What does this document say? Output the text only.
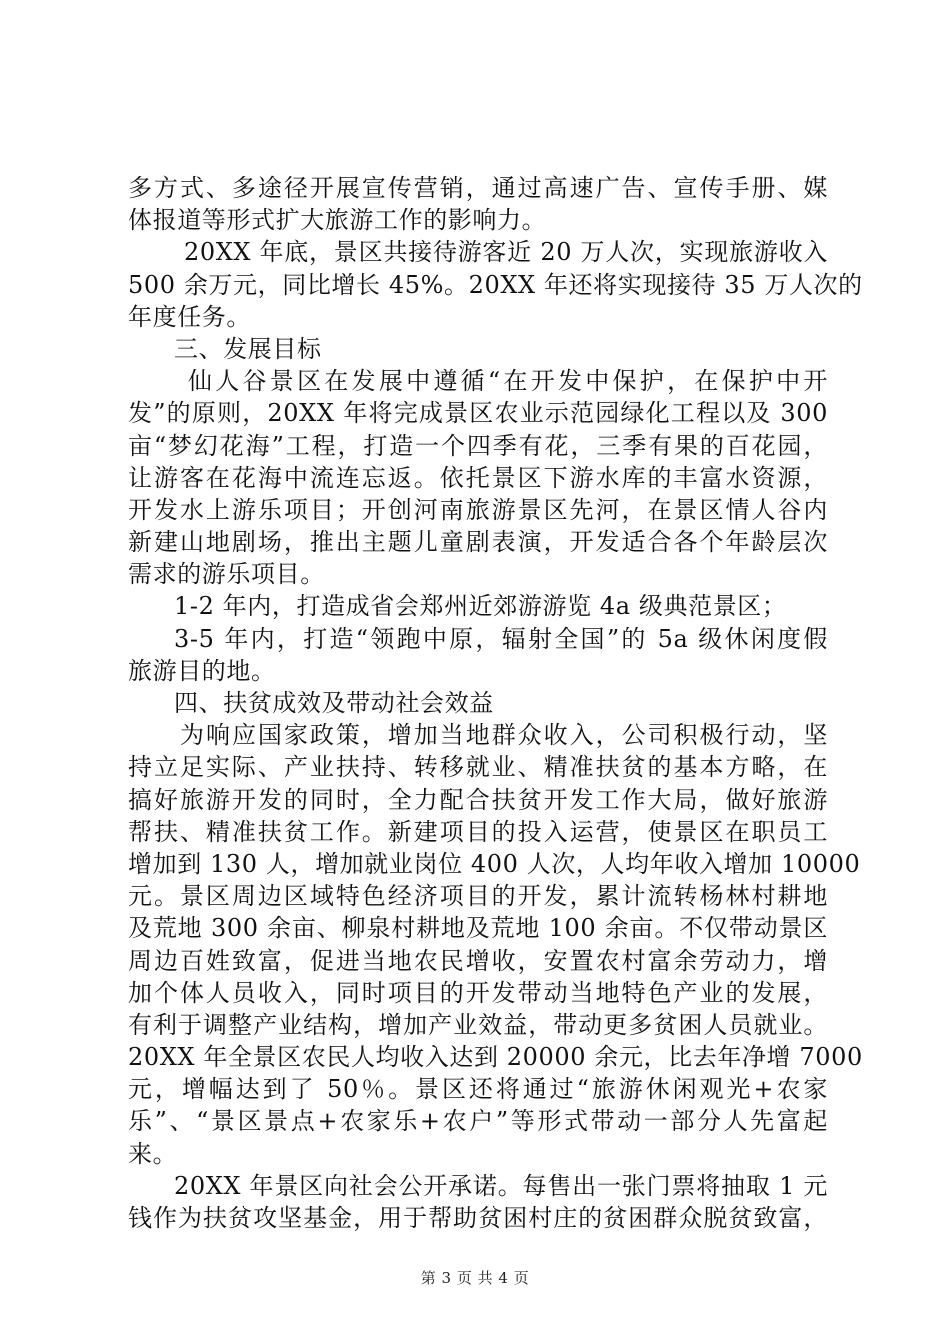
多方式、多途径开展宣传营销，通过高速广告、宣传手册、媒
体报道等形式扩大旅游工作的影响力。
20XX 年底，景区共接待游客近 20 万人次，实现旅游收入
500 余万元，同比增长 45%。20XX 年还将实现接待 35 万人次的
年度任务。
三、发展目标
仙人谷景区在发展中遵循“在开发中保护，在保护中开
发”的原则，20XX 年将完成景区农业示范园绿化工程以及 300
亩“梦幻花海”工程，打造一个四季有花，三季有果的百花园，
让游客在花海中流连忘返。依托景区下游水库的丰富水资源，
开发水上游乐项目；开创河南旅游景区先河，在景区情人谷内
新建山地剧场，推出主题儿童剧表演，开发适合各个年龄层次
需求的游乐项目。
1-2 年内，打造成省会郑州近郊游游览 4a 级典范景区；
3-5 年内，打造“领跑中原，辐射全国”的 5a 级休闲度假
旅游目的地。
四、扶贫成效及带动社会效益
为响应国家政策，增加当地群众收入，公司积极行动，坚
持立足实际、产业扶持、转移就业、精准扶贫的基本方略，在
搞好旅游开发的同时，全力配合扶贫开发工作大局，做好旅游
帮扶、精准扶贫工作。新建项目的投入运营，使景区在职员工
增加到 130 人，增加就业岗位 400 人次，人均年收入增加 10000
元。景区周边区域特色经济项目的开发，累计流转杨林村耕地
及荒地 300 余亩、柳泉村耕地及荒地 100 余亩。不仅带动景区
周边百姓致富，促进当地农民增收，安置农村富余劳动力，增
加个体人员收入，同时项目的开发带动当地特色产业的发展，
有利于调整产业结构，增加产业效益，带动更多贫困人员就业。
20XX 年全景区农民人均收入达到 20000 余元，比去年净增 7000
元，增幅达到了 50％。景区还将通过“旅游休闲观光+农家
乐”、“景区景点+农家乐+农户”等形式带动一部分人先富起
来。
20XX 年景区向社会公开承诺。每售出一张门票将抽取 1 元
钱作为扶贫攻坚基金，用于帮助贫困村庄的贫困群众脱贫致富，
第 3 页 共 4 页
